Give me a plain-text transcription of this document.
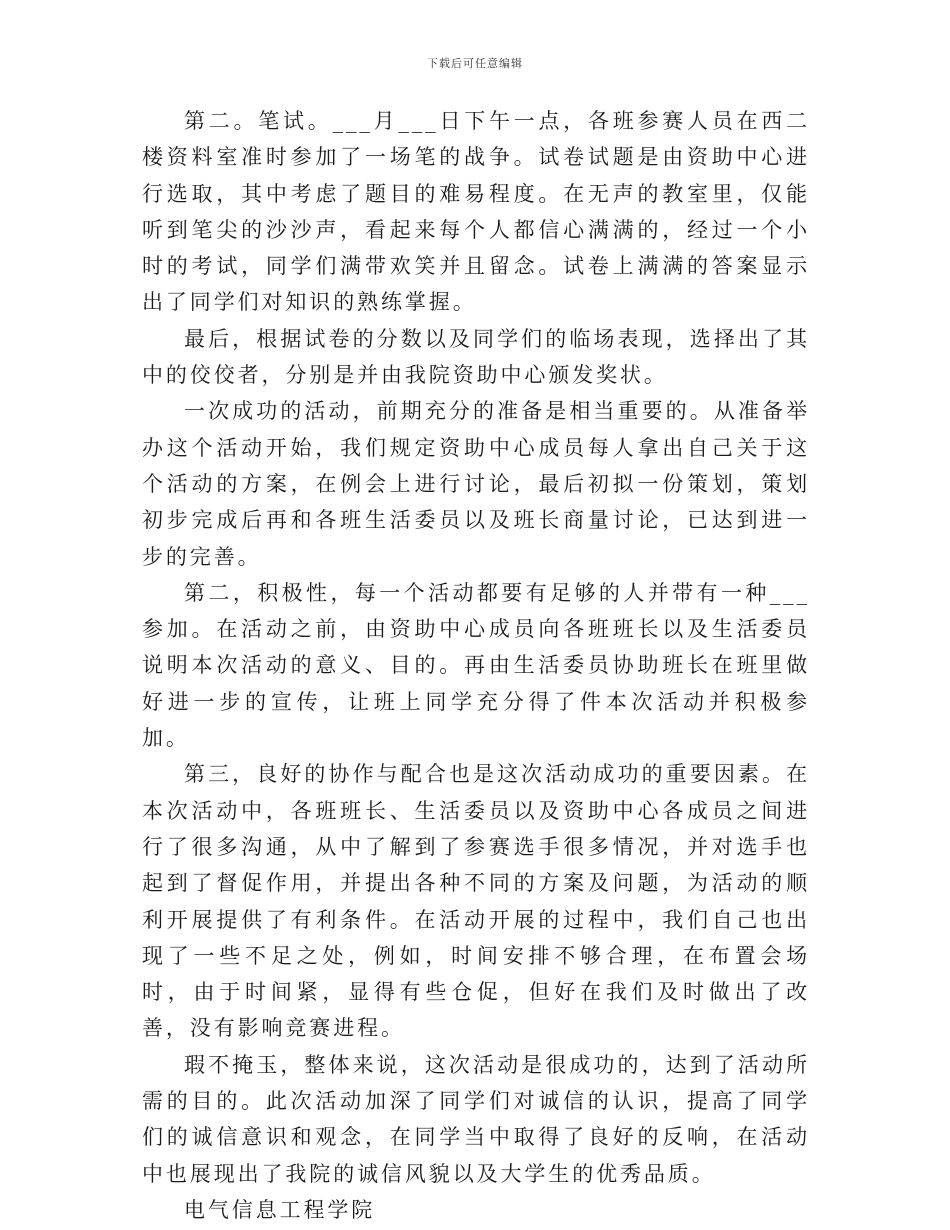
下载后可任意编辑

第二。笔试。___月___日下午一点，各班参赛人员在西二楼资料室准时参加了一场笔的战争。试卷试题是由资助中心进行选取，其中考虑了题目的难易程度。在无声的教室里，仅能听到笔尖的沙沙声，看起来每个人都信心满满的，经过一个小时的考试，同学们满带欢笑并且留念。试卷上满满的答案显示出了同学们对知识的熟练掌握。

最后，根据试卷的分数以及同学们的临场表现，选择出了其中的佼佼者，分别是并由我院资助中心颁发奖状。

一次成功的活动，前期充分的准备是相当重要的。从准备举办这个活动开始，我们规定资助中心成员每人拿出自己关于这个活动的方案，在例会上进行讨论，最后初拟一份策划，策划初步完成后再和各班生活委员以及班长商量讨论，已达到进一步的完善。

第二，积极性，每一个活动都要有足够的人并带有一种___参加。在活动之前，由资助中心成员向各班班长以及生活委员说明本次活动的意义、目的。再由生活委员协助班长在班里做好进一步的宣传，让班上同学充分得了件本次活动并积极参加。

第三，良好的协作与配合也是这次活动成功的重要因素。在本次活动中，各班班长、生活委员以及资助中心各成员之间进行了很多沟通，从中了解到了参赛选手很多情况，并对选手也起到了督促作用，并提出各种不同的方案及问题，为活动的顺利开展提供了有利条件。在活动开展的过程中，我们自己也出现了一些不足之处，例如，时间安排不够合理，在布置会场时，由于时间紧，显得有些仓促，但好在我们及时做出了改善，没有影响竞赛进程。

瑕不掩玉，整体来说，这次活动是很成功的，达到了活动所需的目的。此次活动加深了同学们对诚信的认识，提高了同学们的诚信意识和观念，在同学当中取得了良好的反响，在活动中也展现出了我院的诚信风貌以及大学生的优秀品质。

电气信息工程学院
